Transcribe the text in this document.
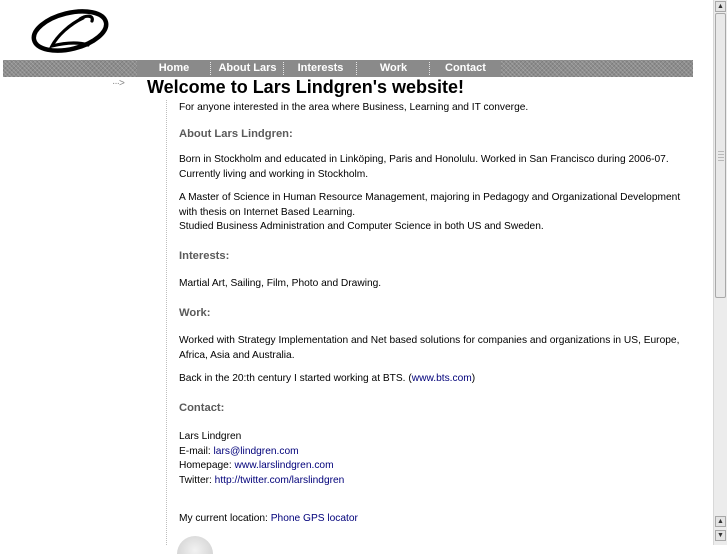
Home	About Lars	Interests	Work	Contact
···> Welcome to Lars Lindgren's website!

For anyone interested in the area where Business, Learning and IT converge.

About Lars Lindgren:

Born in Stockholm and educated in Linköping, Paris and Honolulu. Worked in San Francisco during 2006-07. Currently living and working in Stockholm.

A Master of Science in Human Resource Management, majoring in Pedagogy and Organizational Development with thesis on Internet Based Learning.
Studied Business Administration and Computer Science in both US and Sweden.

Interests:

Martial Art, Sailing, Film, Photo and Drawing.

Work:

Worked with Strategy Implementation and Net based solutions for companies and organizations in US, Europe, Africa, Asia and Australia.

Back in the 20:th century I started working at BTS. (www.bts.com)

Contact:

Lars Lindgren
E-mail: lars@lindgren.com
Homepage: www.larslindgren.com
Twitter: http://twitter.com/larslindgren

My current location: Phone GPS locator

▲
▲
▼
